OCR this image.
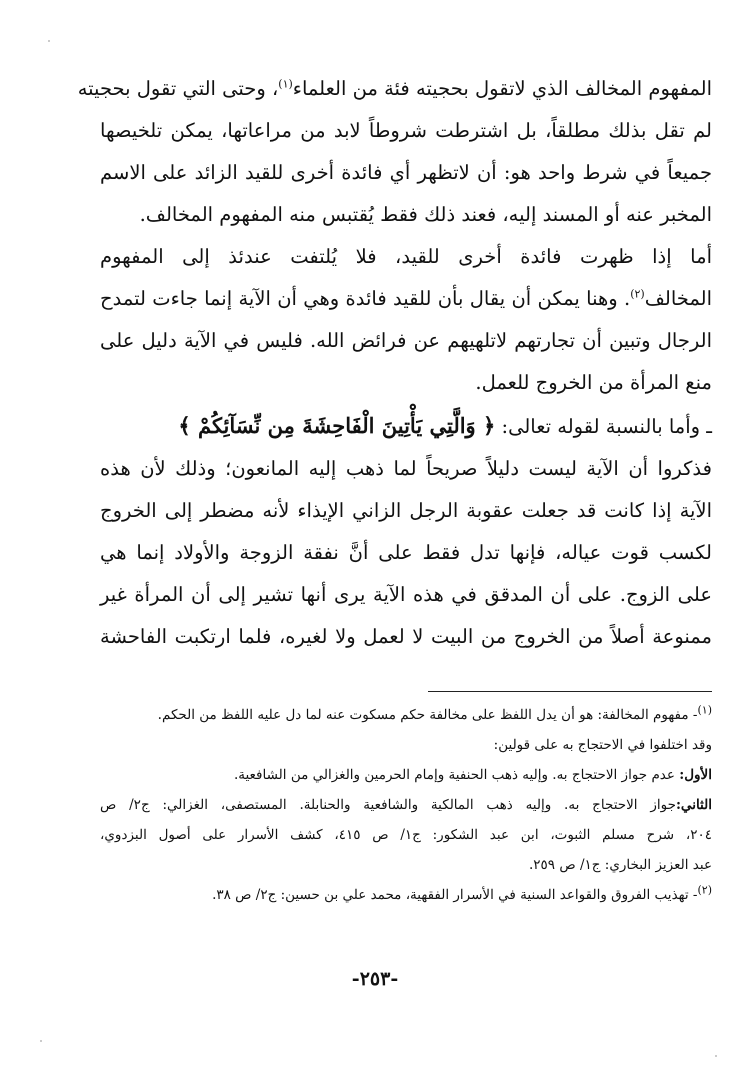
المفهوم المخالف الذي لاتقول بحجيته فئة من العلماء$^{(١)}$، وحتى التي تقول بحجيته
لم تقل بذلك مطلقاً، بل اشترطت شروطاً لابد من مراعاتها، يمكن تلخيصها
جميعاً في شرط واحد هو: أن لاتظهر أي فائدة أخرى للقيد الزائد على الاسم
المخبر عنه أو المسند إليه، فعند ذلك فقط يُقتبس منه المفهوم المخالف.
أما إذا ظهرت فائدة أخرى للقيد، فلا يُلتفت عندئذ إلى المفهوم
المخالف$^{(٢)}$. وهنا يمكن أن يقال بأن للقيد فائدة وهي أن الآية إنما جاءت لتمدح
الرجال وتبين أن تجارتهم لاتلهيهم عن فرائض الله. فليس في الآية دليل على
منع المرأة من الخروج للعمل.
ـ وأما بالنسبة لقوله تعالى: ﴿ وَالَّتِي يَأْتِينَ الْفَاحِشَةَ مِن نِّسَآئِكُمْ ﴾
فذكروا أن الآية ليست دليلاً صريحاً لما ذهب إليه المانعون؛ وذلك لأن هذه
الآية إذا كانت قد جعلت عقوبة الرجل الزاني الإيذاء لأنه مضطر إلى الخروج
لكسب قوت عياله، فإنها تدل فقط على أنَّ نفقة الزوجة والأولاد إنما هي
على الزوج. على أن المدقق في هذه الآية يرى أنها تشير إلى أن المرأة غير
ممنوعة أصلاً من الخروج من البيت لا لعمل ولا لغيره، فلما ارتكبت الفاحشة
$^{(١)}$- مفهوم المخالفة: هو أن يدل اللفظ على مخالفة حكم مسكوت عنه لما دل عليه اللفظ من الحكم.
وقد اختلفوا في الاحتجاج به على قولين:
الأول: عدم جواز الاحتجاج به. وإليه ذهب الحنفية وإمام الحرمين والغزالي من الشافعية.
الثاني:جواز الاحتجاج به. وإليه ذهب المالكية والشافعية والحنابلة. المستصفى، الغزالي: ج٢/ ص
٢٠٤، شرح مسلم الثبوت، ابن عبد الشكور: ج١/ ص ٤١٥، كشف الأسرار على أصول البزدوي،
عبد العزيز البخاري: ج١/ ص ٢٥٩.
$^{(٢)}$- تهذيب الفروق والقواعد السنية في الأسرار الفقهية، محمد علي بن حسين: ج٢/ ص ٣٨.
-٢٥٣-
